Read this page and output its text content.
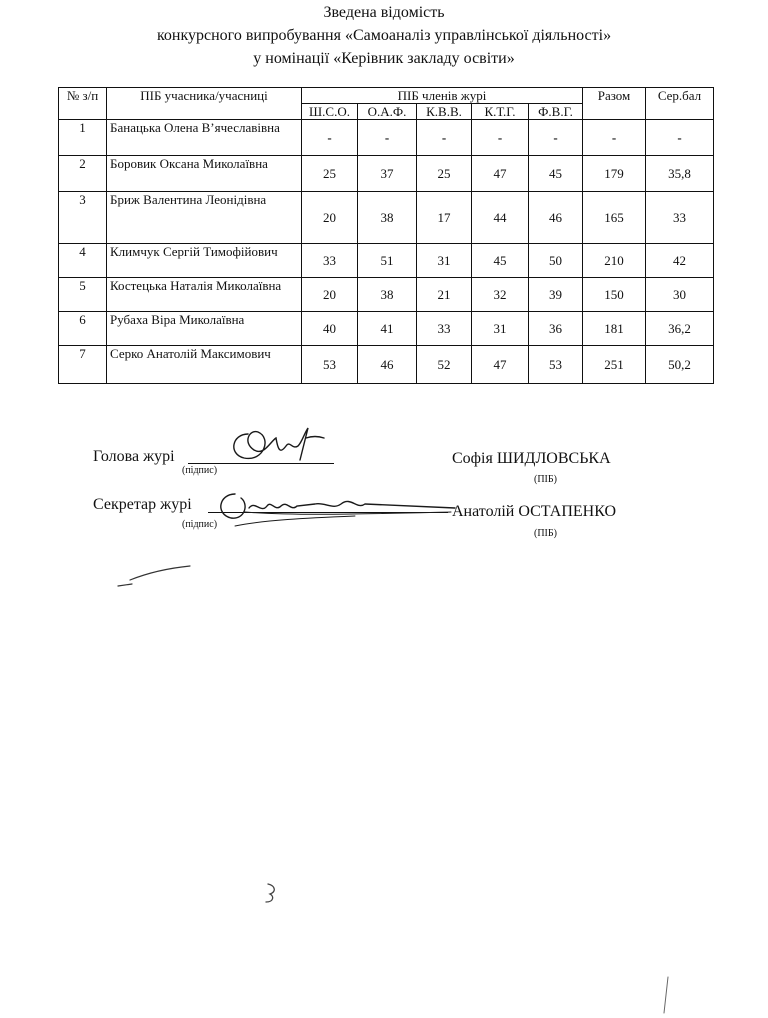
Зведена відомість
конкурсного випробування «Самоаналіз управлінської діяльності»
у номінації «Керівник закладу освіти»
№ з/п	ПІБ учасника/учасниці	ПІБ членів журі					Разом	Сер.бал
		Ш.С.О.	О.А.Ф.	К.В.В.	К.Т.Г.	Ф.В.Г.		
1	Банацька Олена В’ячеславівна	-	-	-	-	-	-	-
2	Боровик Оксана Миколаївна	25	37	25	47	45	179	35,8
3	Бриж Валентина Леонідівна	20	38	17	44	46	165	33
4	Климчук Сергій Тимофійович	33	51	31	45	50	210	42
5	Костецька Наталія Миколаївна	20	38	21	32	39	150	30
6	Рубаха Віра Миколаївна	40	41	33	31	36	181	36,2
7	Серко Анатолій Максимович	53	46	52	47	53	251	50,2
Голова журі
(підпис)
Софія ШИДЛОВСЬКА
(ПІБ)
Секретар журі
(підпис)
Анатолій ОСТАПЕНКО
(ПІБ)
